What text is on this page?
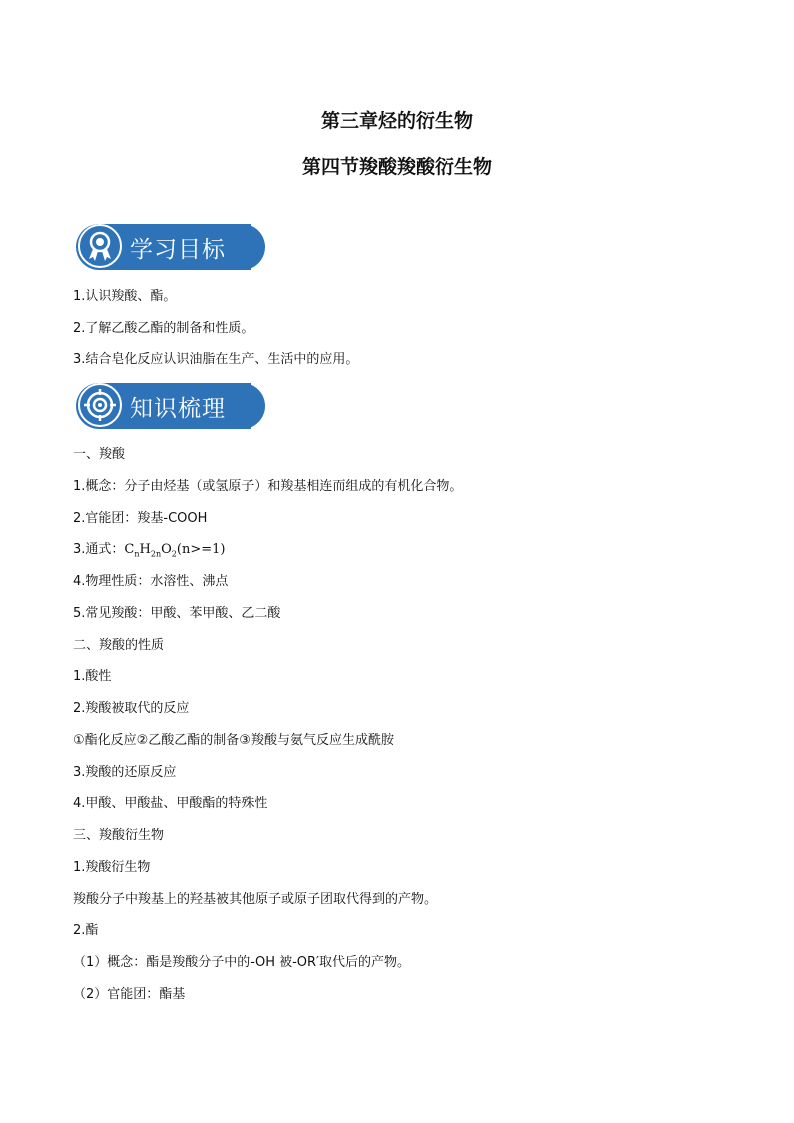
第三章烃的衍生物
第四节羧酸羧酸衍生物
学习目标
1.认识羧酸、酯。
2.了解乙酸乙酯的制备和性质。
3.结合皂化反应认识油脂在生产、生活中的应用。
知识梳理
一、羧酸
1.概念：分子由烃基（或氢原子）和羧基相连而组成的有机化合物。
2.官能团：羧基-COOH
3.通式：$C_nH_{2n}O_2(n>=1)$
4.物理性质：水溶性、沸点
5.常见羧酸：甲酸、苯甲酸、乙二酸
二、羧酸的性质
1.酸性
2.羧酸被取代的反应
①酯化反应②乙酸乙酯的制备③羧酸与氨气反应生成酰胺
3.羧酸的还原反应
4.甲酸、甲酸盐、甲酸酯的特殊性
三、羧酸衍生物
1.羧酸衍生物
羧酸分子中羧基上的羟基被其他原子或原子团取代得到的产物。
2.酯
（1）概念：酯是羧酸分子中的-OH 被-OR′取代后的产物。
（2）官能团：酯基
